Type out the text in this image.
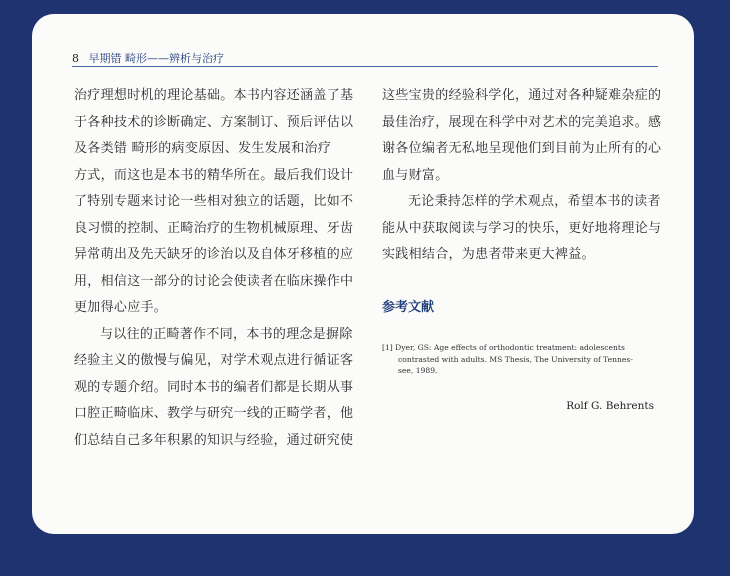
8 早期错 畸形——辨析与治疗
治疗理想时机的理论基础。本书内容还涵盖了基
于各种技术的诊断确定、方案制订、预后评估以
及各类错 畸形的病变原因、发生发展和治疗
方式，而这也是本书的精华所在。最后我们设计
了特别专题来讨论一些相对独立的话题，比如不
良习惯的控制、正畸治疗的生物机械原理、牙齿
异常萌出及先天缺牙的诊治以及自体牙移植的应
用，相信这一部分的讨论会使读者在临床操作中
更加得心应手。
与以往的正畸著作不同，本书的理念是摒除
经验主义的傲慢与偏见，对学术观点进行循证客
观的专题介绍。同时本书的编者们都是长期从事
口腔正畸临床、教学与研究一线的正畸学者，他
们总结自己多年积累的知识与经验，通过研究使
这些宝贵的经验科学化，通过对各种疑难杂症的
最佳治疗，展现在科学中对艺术的完美追求。感
谢各位编者无私地呈现他们到目前为止所有的心
血与财富。
无论秉持怎样的学术观点，希望本书的读者
能从中获取阅读与学习的快乐，更好地将理论与
实践相结合，为患者带来更大裨益。
参考文献
[1] Dyer, GS: Age effects of orthodontic treatment: adolescents
contrasted with adults. MS Thesis, The University of Tennes-
see, 1989.
Rolf G. Behrents
